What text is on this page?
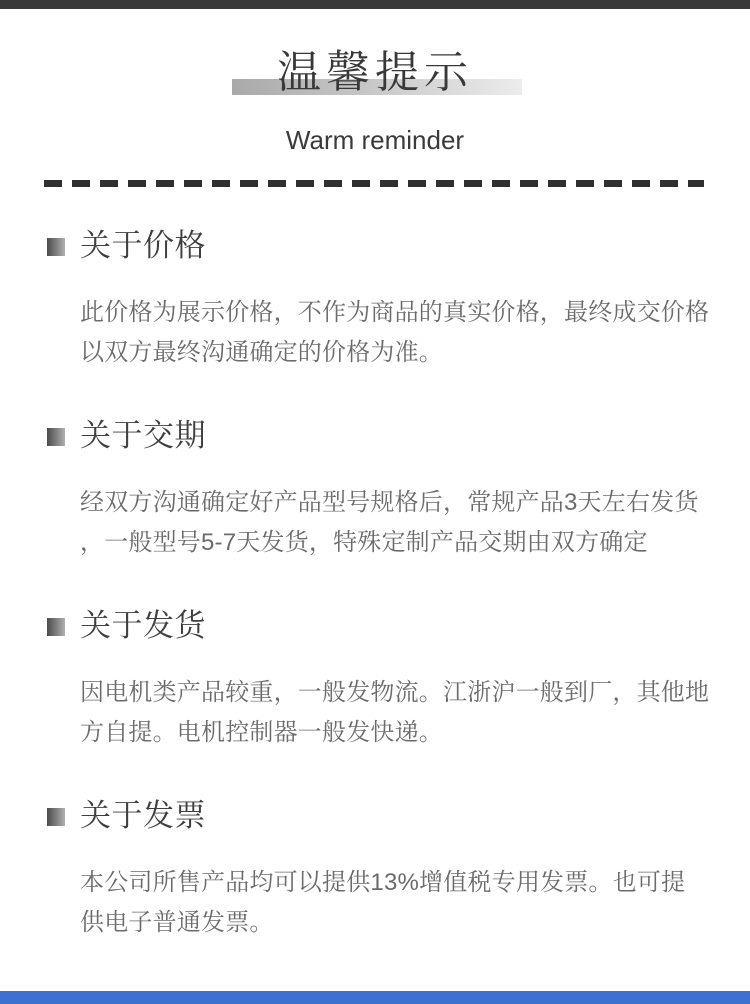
温馨提示
Warm reminder
关于价格
此价格为展示价格，不作为商品的真实价格，最终成交价格
以双方最终沟通确定的价格为准。
关于交期
经双方沟通确定好产品型号规格后，常规产品3天左右发货
，一般型号5-7天发货，特殊定制产品交期由双方确定
关于发货
因电机类产品较重，一般发物流。江浙沪一般到厂，其他地
方自提。电机控制器一般发快递。
关于发票
本公司所售产品均可以提供13%增值税专用发票。也可提
供电子普通发票。
